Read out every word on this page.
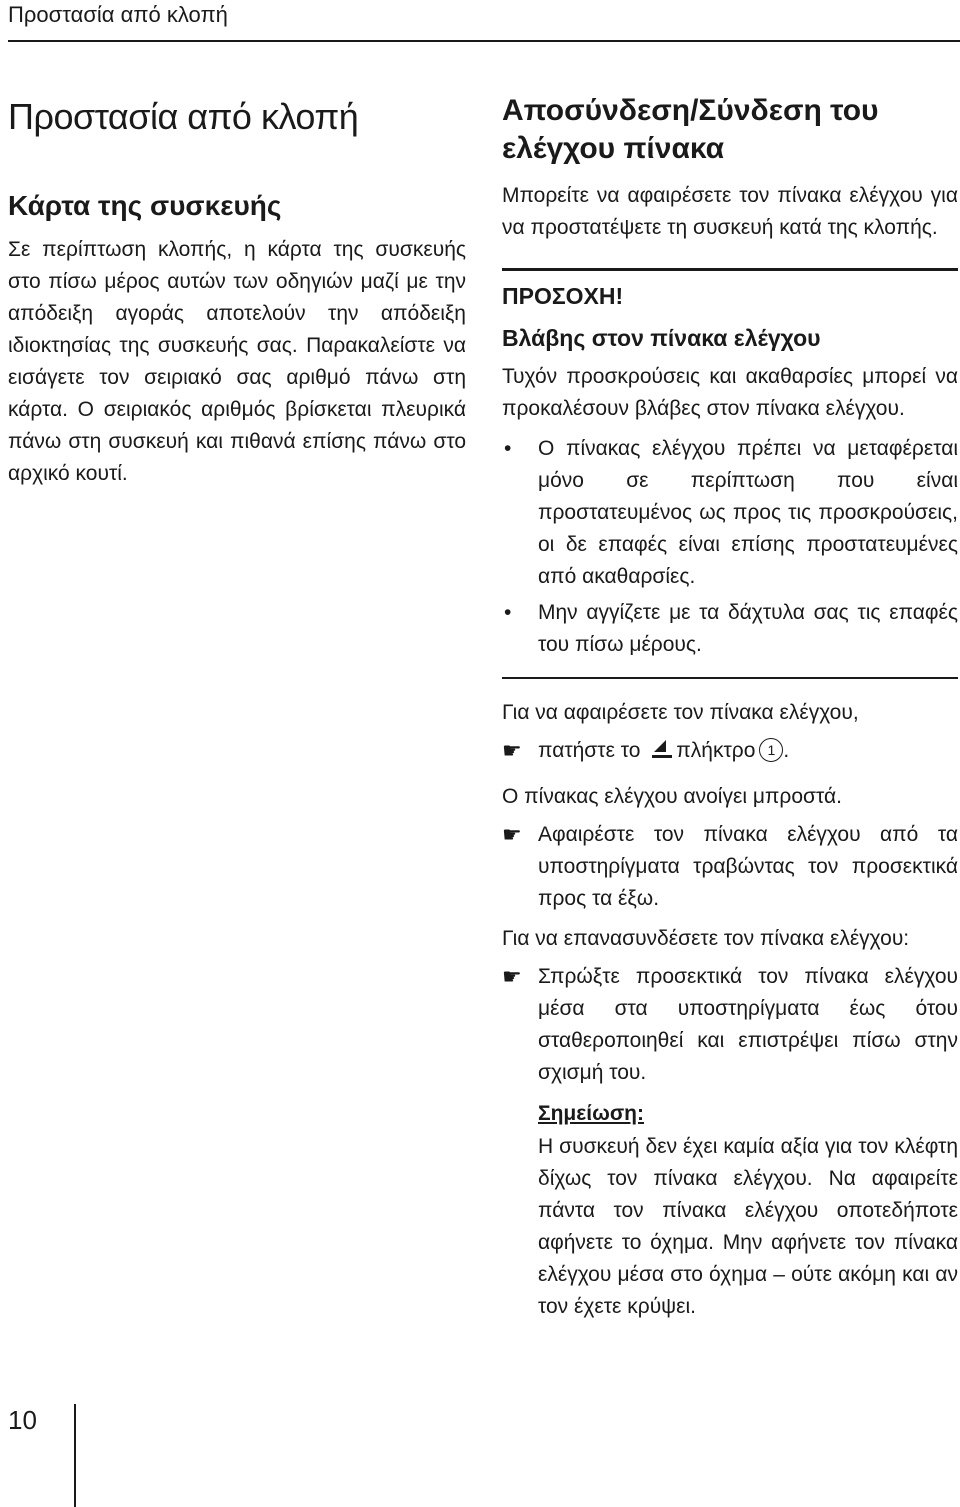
Προστασία από κλοπή
Προστασία από κλοπή
Κάρτα της συσκευής

Σε περίπτωση κλοπής, η κάρτα της συσκευής στο πίσω μέρος αυτών των οδηγιών μαζί με την απόδειξη αγοράς αποτελούν την απόδειξη ιδιοκτησίας της συσκευής σας. Παρακαλείστε να εισάγετε τον σειριακό σας αριθμό πάνω στη κάρτα. Ο σειριακός αριθμός βρίσκεται πλευρικά πάνω στη συσκευή και πιθανά επίσης πάνω στο αρχικό κουτί.

Αποσύνδεση/Σύνδεση του
ελέγχου πίνακα

Μπορείτε να αφαιρέσετε τον πίνακα ελέγχου για να προστατέψετε τη συσκευή κατά της κλοπής.

ΠΡΟΣΟΧΗ!
Βλάβης στον πίνακα ελέγχου

Τυχόν προσκρούσεις και ακαθαρσίες μπορεί να προκαλέσουν βλάβες στον πίνακα ελέγχου.

• Ο πίνακας ελέγχου πρέπει να μεταφέρεται μόνο σε περίπτωση που είναι προστατευμένος ως προς τις προσκρούσεις, οι δε επαφές είναι επίσης προστατευμένες από ακαθαρσίες.
• Μην αγγίζετε με τα δάχτυλα σας τις επαφές του πίσω μέρους.
Για να αφαιρέσετε τον πίνακα ελέγχου,
☛ πατήστε το πλήκτρο 1 .
Ο πίνακας ελέγχου ανοίγει μπροστά.
☛ Αφαιρέστε τον πίνακα ελέγχου από τα υποστηρίγματα τραβώντας τον προσεκτικά προς τα έξω.
Για να επανασυνδέσετε τον πίνακα ελέγχου:
☛ Σπρώξτε προσεκτικά τον πίνακα ελέγχου μέσα στα υποστηρίγματα έως ότου σταθεροποιηθεί και επιστρέψει πίσω στην σχισμή του.
Σημείωση:

Η συσκευή δεν έχει καμία αξία για τον κλέφτη δίχως τον πίνακα ελέγχου. Να αφαιρείτε πάντα τον πίνακα ελέγχου οποτεδήποτε αφήνετε το όχημα. Μην αφήνετε τον πίνακα ελέγχου μέσα στο όχημα – ούτε ακόμη και αν τον έχετε κρύψει.

10
